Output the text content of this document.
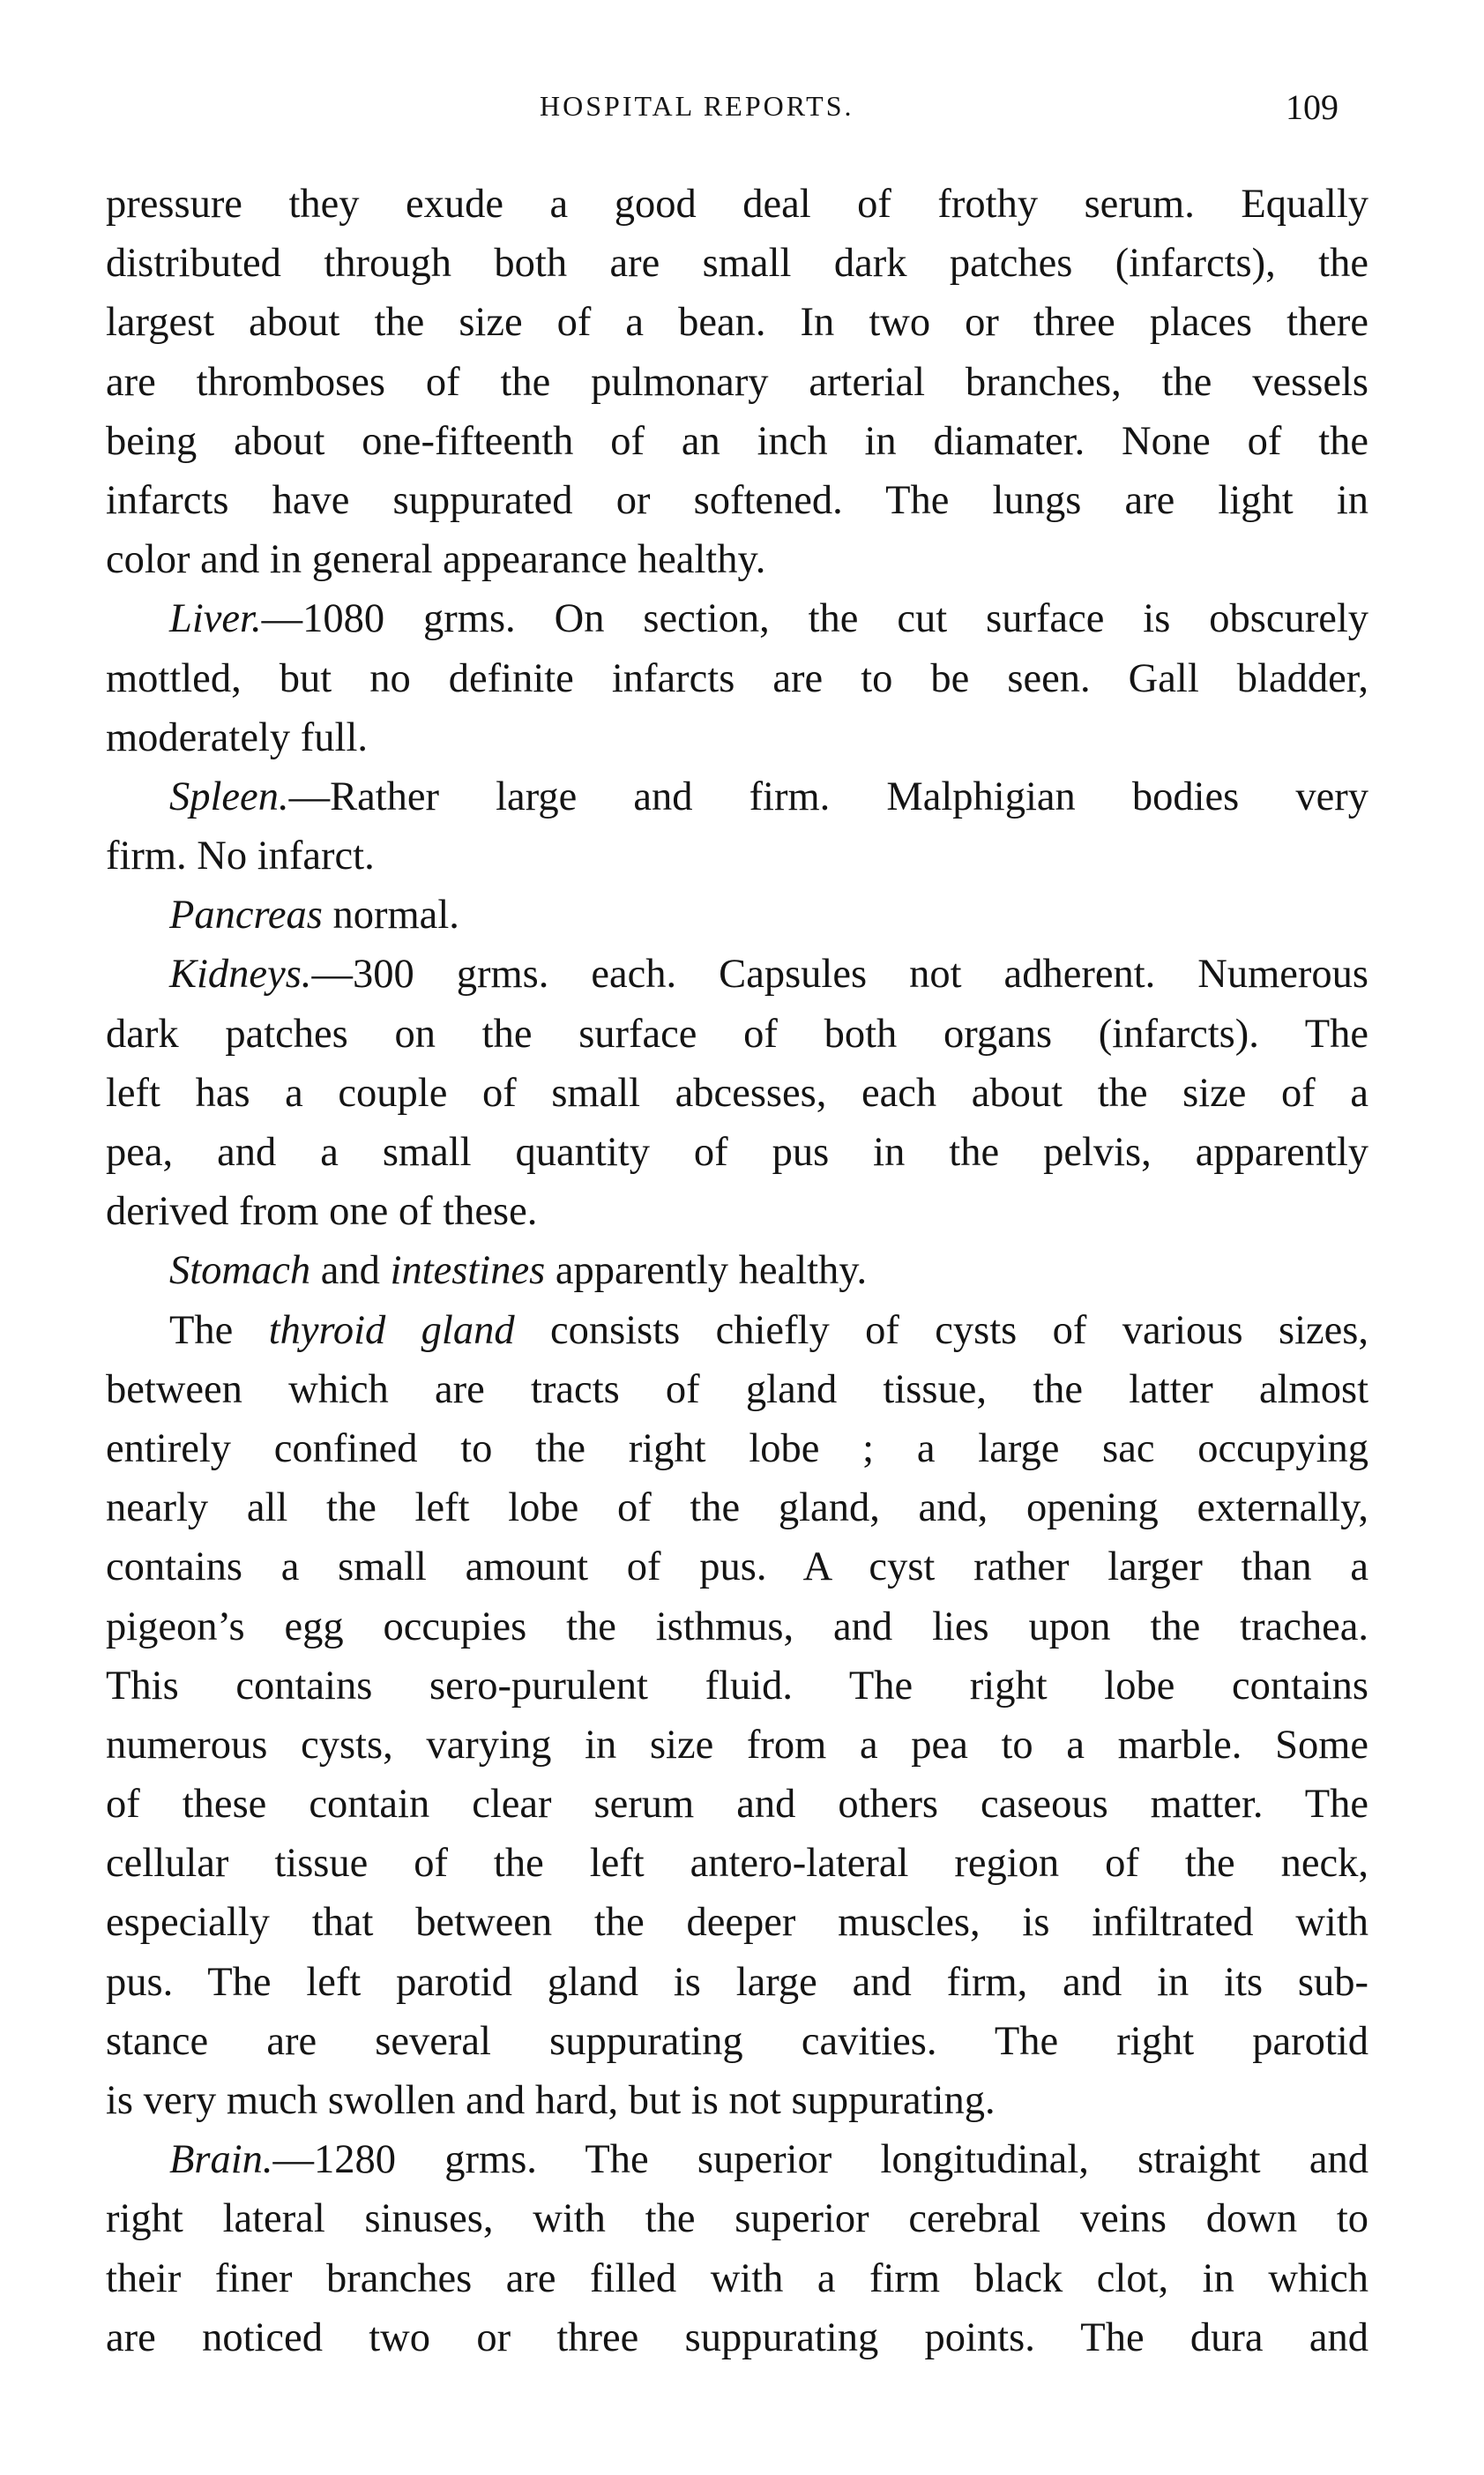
HOSPITAL REPORTS.	109
pressure they exude a good deal of frothy serum. Equally
distributed through both are small dark patches (infarcts), the
largest about the size of a bean. In two or three places there
are thromboses of the pulmonary arterial branches, the vessels
being about one-fifteenth of an inch in diamater. None of the
infarcts have suppurated or softened. The lungs are light in
color and in general appearance healthy.
Liver.—1080 grms. On section, the cut surface is obscurely
mottled, but no definite infarcts are to be seen. Gall bladder,
moderately full.
Spleen.—Rather large and firm. Malphigian bodies very
firm. No infarct.
Pancreas normal.
Kidneys.—300 grms. each. Capsules not adherent. Numerous
dark patches on the surface of both organs (infarcts). The
left has a couple of small abcesses, each about the size of a
pea, and a small quantity of pus in the pelvis, apparently
derived from one of these.
Stomach and intestines apparently healthy.
The thyroid gland consists chiefly of cysts of various sizes,
between which are tracts of gland tissue, the latter almost
entirely confined to the right lobe ; a large sac occupying
nearly all the left lobe of the gland, and, opening externally,
contains a small amount of pus. A cyst rather larger than a
pigeon’s egg occupies the isthmus, and lies upon the trachea.
This contains sero-purulent fluid. The right lobe contains
numerous cysts, varying in size from a pea to a marble. Some
of these contain clear serum and others caseous matter. The
cellular tissue of the left antero-lateral region of the neck,
especially that between the deeper muscles, is infiltrated with
pus. The left parotid gland is large and firm, and in its sub-
stance are several suppurating cavities. The right parotid
is very much swollen and hard, but is not suppurating.
Brain.—1280 grms. The superior longitudinal, straight and
right lateral sinuses, with the superior cerebral veins down to
their finer branches are filled with a firm black clot, in which
are noticed two or three suppurating points. The dura and
